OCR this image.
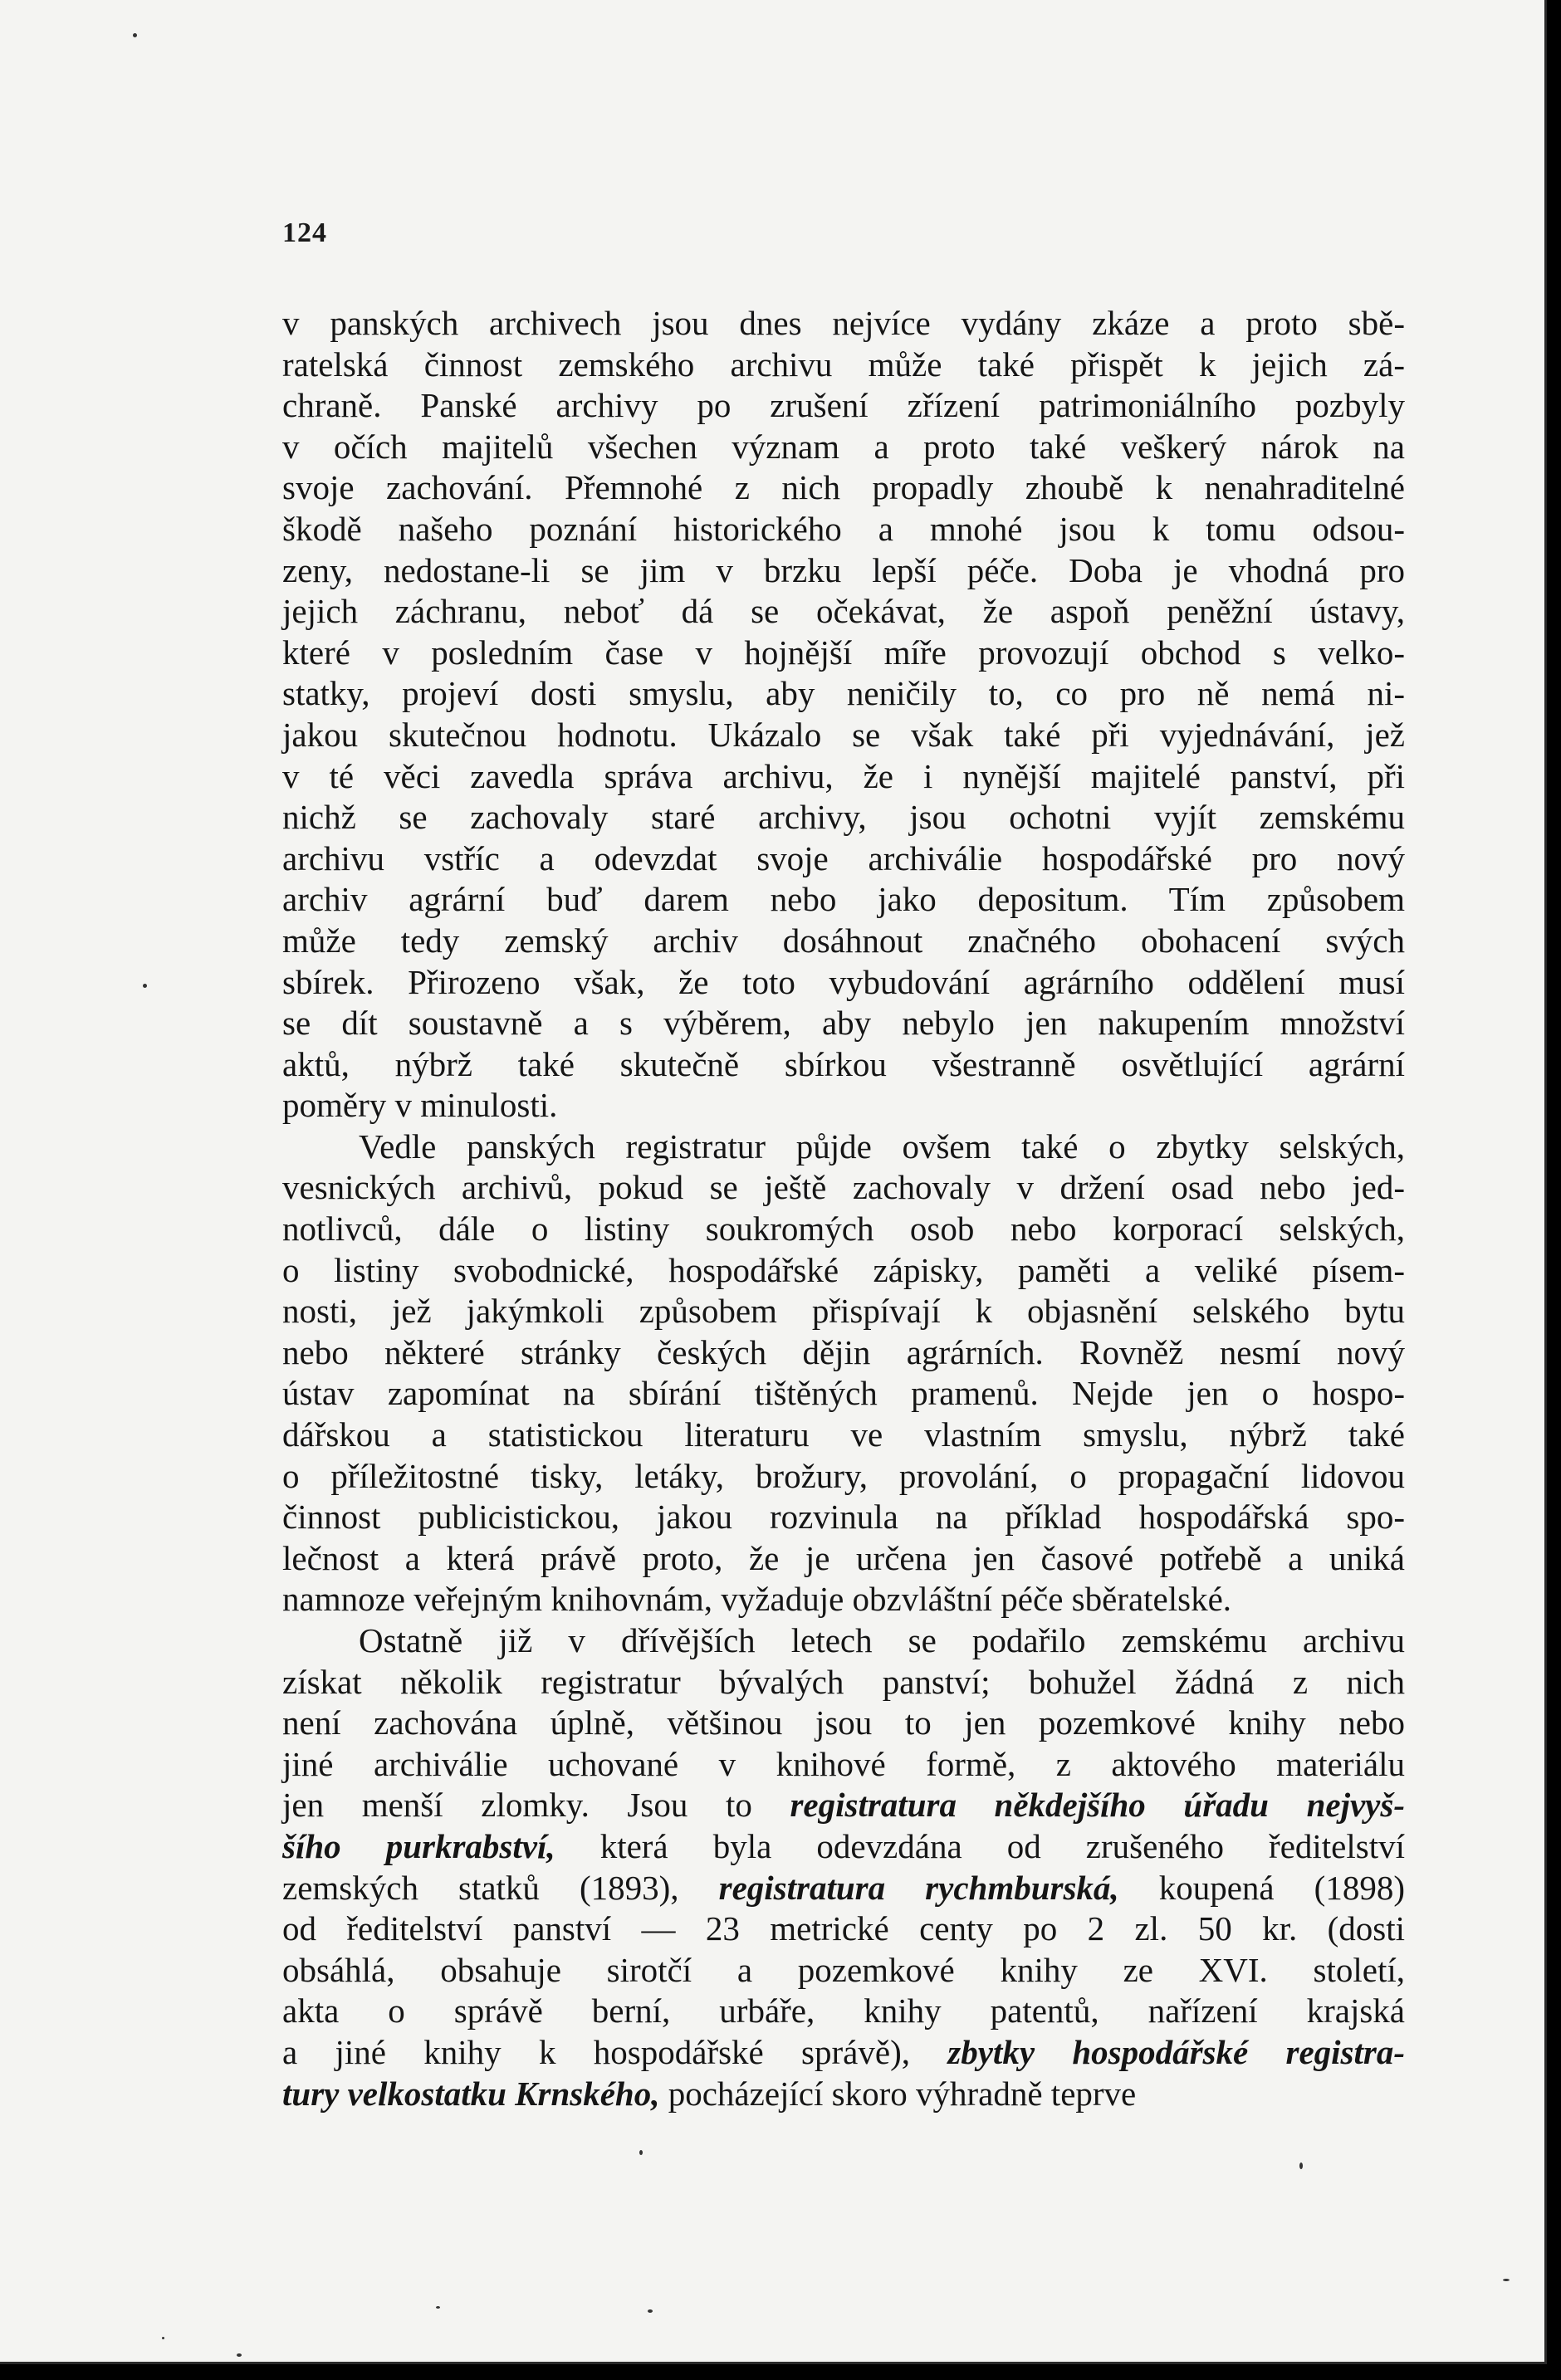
124
v panských archivech jsou dnes nejvíce vydány zkáze a proto sbě-
ratelská činnost zemského archivu může také přispět k jejich zá-
chraně. Panské archivy po zrušení zřízení patrimoniálního pozbyly
v očích majitelů všechen význam a proto také veškerý nárok na
svoje zachování. Přemnohé z nich propadly zhoubě k nenahraditelné
škodě našeho poznání historického a mnohé jsou k tomu odsou-
zeny, nedostane-li se jim v brzku lepší péče. Doba je vhodná pro
jejich záchranu, neboť dá se očekávat, že aspoň peněžní ústavy,
které v posledním čase v hojnější míře provozují obchod s velko-
statky, projeví dosti smyslu, aby neničily to, co pro ně nemá ni-
jakou skutečnou hodnotu. Ukázalo se však také při vyjednávání, jež
v té věci zavedla správa archivu, že i nynější majitelé panství, při
nichž se zachovaly staré archivy, jsou ochotni vyjít zemskému
archivu vstříc a odevzdat svoje archiválie hospodářské pro nový
archiv agrární buď darem nebo jako depositum. Tím způsobem
může tedy zemský archiv dosáhnout značného obohacení svých
sbírek. Přirozeno však, že toto vybudování agrárního oddělení musí
se dít soustavně a s výběrem, aby nebylo jen nakupením množství
aktů, nýbrž také skutečně sbírkou všestranně osvětlující agrární
poměry v minulosti.
Vedle panských registratur půjde ovšem také o zbytky selských,
vesnických archivů, pokud se ještě zachovaly v držení osad nebo jed-
notlivců, dále o listiny soukromých osob nebo korporací selských,
o listiny svobodnické, hospodářské zápisky, paměti a veliké písem-
nosti, jež jakýmkoli způsobem přispívají k objasnění selského bytu
nebo některé stránky českých dějin agrárních. Rovněž nesmí nový
ústav zapomínat na sbírání tištěných pramenů. Nejde jen o hospo-
dářskou a statistickou literaturu ve vlastním smyslu, nýbrž také
o příležitostné tisky, letáky, brožury, provolání, o propagační lidovou
činnost publicistickou, jakou rozvinula na příklad hospodářská spo-
lečnost a která právě proto, že je určena jen časové potřebě a uniká
namnoze veřejným knihovnám, vyžaduje obzvláštní péče sběratelské.
Ostatně již v dřívějších letech se podařilo zemskému archivu
získat několik registratur bývalých panství; bohužel žádná z nich
není zachována úplně, většinou jsou to jen pozemkové knihy nebo
jiné archiválie uchované v knihové formě, z aktového materiálu
jen menší zlomky. Jsou to registratura někdejšího úřadu nejvyš-
šího purkrabství, která byla odevzdána od zrušeného ředitelství
zemských statků (1893), registratura rychmburská, koupená (1898)
od ředitelství panství — 23 metrické centy po 2 zl. 50 kr. (dosti
obsáhlá, obsahuje sirotčí a pozemkové knihy ze XVI. století,
akta o správě berní, urbáře, knihy patentů, nařízení krajská
a jiné knihy k hospodářské správě), zbytky hospodářské registra-
tury velkostatku Krnského, pocházející skoro výhradně teprve
